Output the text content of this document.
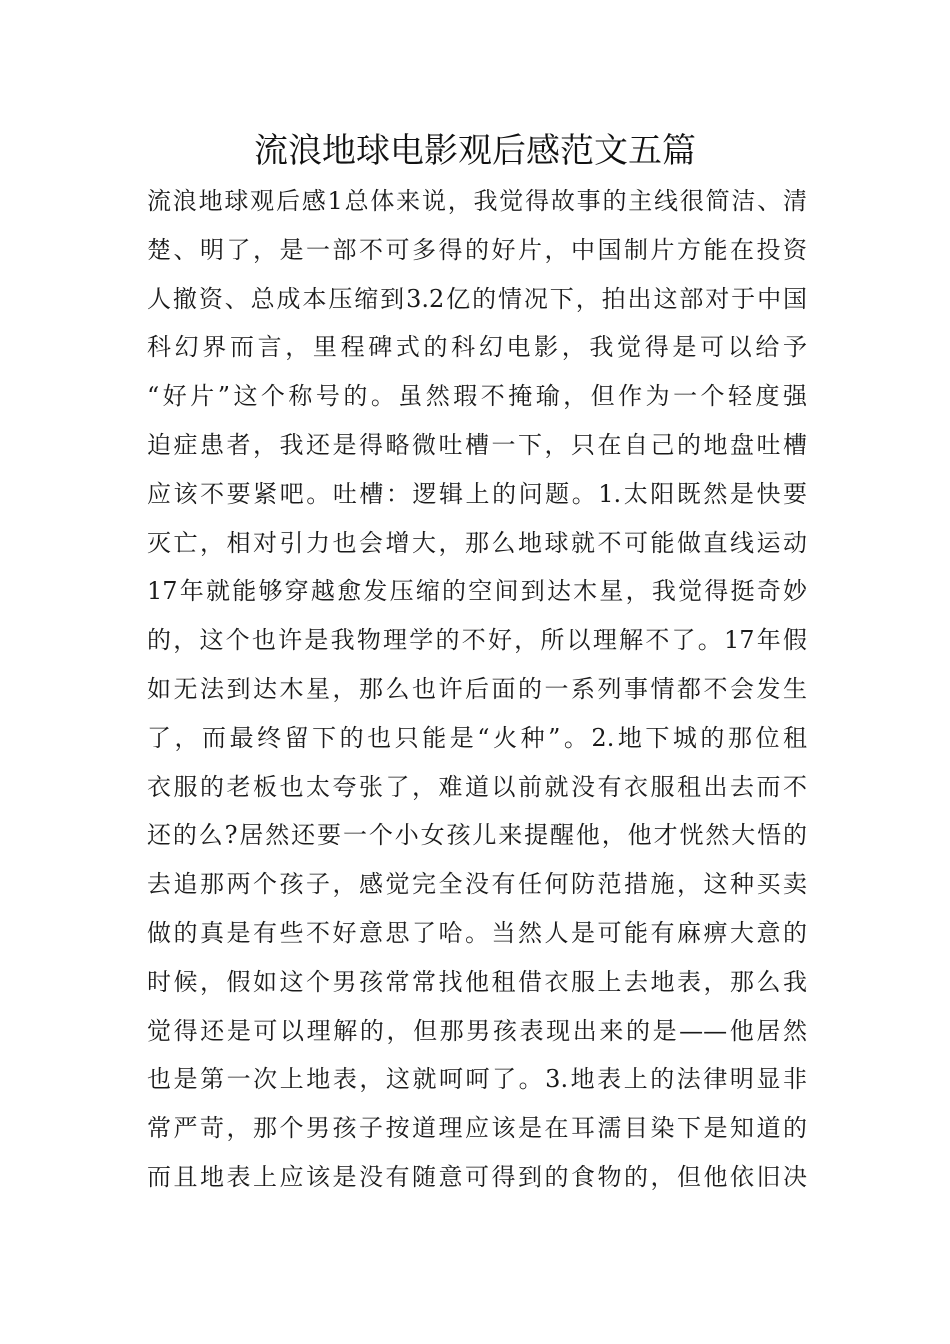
流浪地球电影观后感范文五篇
流浪地球观后感1总体来说，我觉得故事的主线很简洁、清
楚、明了，是一部不可多得的好片，中国制片方能在投资
人撤资、总成本压缩到3.2亿的情况下，拍出这部对于中国
科幻界而言，里程碑式的科幻电影，我觉得是可以给予
“好片”这个称号的。虽然瑕不掩瑜，但作为一个轻度强
迫症患者，我还是得略微吐槽一下，只在自己的地盘吐槽
应该不要紧吧。吐槽：逻辑上的问题。1.太阳既然是快要
灭亡，相对引力也会增大，那么地球就不可能做直线运动
17年就能够穿越愈发压缩的空间到达木星，我觉得挺奇妙
的，这个也许是我物理学的不好，所以理解不了。17年假
如无法到达木星，那么也许后面的一系列事情都不会发生
了，而最终留下的也只能是“火种”。2.地下城的那位租
衣服的老板也太夸张了，难道以前就没有衣服租出去而不
还的么?居然还要一个小女孩儿来提醒他，他才恍然大悟的
去追那两个孩子，感觉完全没有任何防范措施，这种买卖
做的真是有些不好意思了哈。当然人是可能有麻痹大意的
时候，假如这个男孩常常找他租借衣服上去地表，那么我
觉得还是可以理解的，但那男孩表现出来的是——他居然
也是第一次上地表，这就呵呵了。3.地表上的法律明显非
常严苛，那个男孩子按道理应该是在耳濡目染下是知道的
而且地表上应该是没有随意可得到的食物的，但他依旧决
